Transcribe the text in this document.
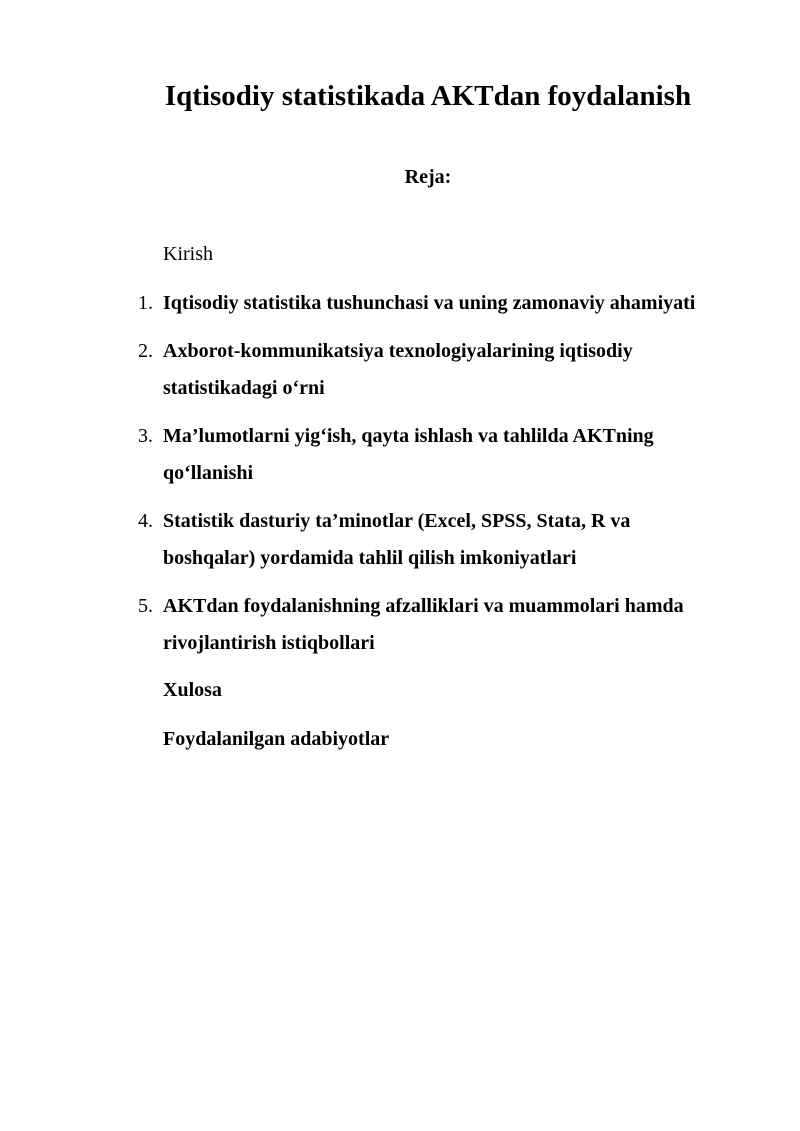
Iqtisodiy statistikada AKTdan foydalanish
Reja:
Kirish
1. Iqtisodiy statistika tushunchasi va uning zamonaviy ahamiyati
2. Axborot-kommunikatsiya texnologiyalarining iqtisodiy
statistikadagi o‘rni
3. Ma’lumotlarni yig‘ish, qayta ishlash va tahlilda AKTning
qo‘llanishi
4. Statistik dasturiy ta’minotlar (Excel, SPSS, Stata, R va
boshqalar) yordamida tahlil qilish imkoniyatlari
5. AKTdan foydalanishning afzalliklari va muammolari hamda
rivojlantirish istiqbollari
Xulosa
Foydalanilgan adabiyotlar
